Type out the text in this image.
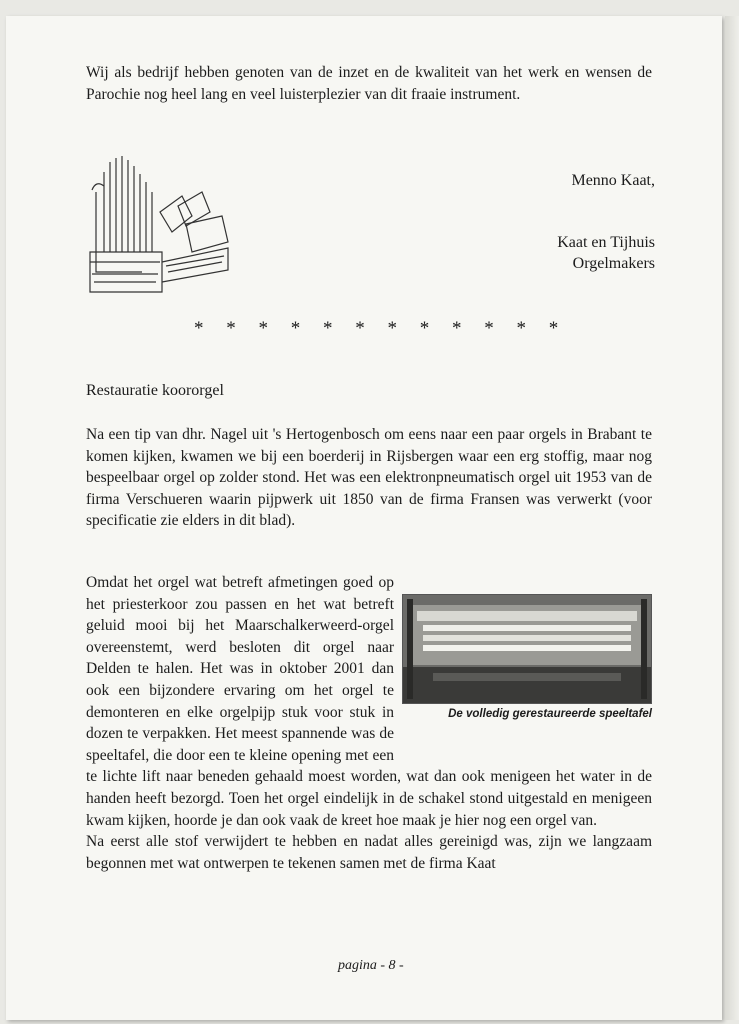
Wij als bedrijf hebben genoten van de inzet en de kwaliteit van het werk en wensen de Parochie nog heel lang en veel luisterplezier van dit fraaie instrument.
Menno Kaat,
Kaat en Tijhuis
Orgelmakers
* * * * * * * * * * * *
Restauratie koororgel
Na een tip van dhr. Nagel uit 's Hertogenbosch om eens naar een paar orgels in Brabant te komen kijken, kwamen we bij een boerderij in Rijsbergen waar een erg stoffig, maar nog bespeelbaar orgel op zolder stond. Het was een elektronpneumatisch orgel uit 1953 van de firma Verschueren waarin pijpwerk uit 1850 van de firma Fransen was verwerkt (voor specificatie zie elders in dit blad).
De volledig gerestaureerde speeltafel
Omdat het orgel wat betreft afmetingen goed op het priesterkoor zou passen en het wat betreft geluid mooi bij het Maarschalkerweerd-orgel overeenstemt, werd besloten dit orgel naar Delden te halen. Het was in oktober 2001 dan ook een bijzondere ervaring om het orgel te demonteren en elke orgelpijp stuk voor stuk in dozen te verpakken. Het meest spannende was de speeltafel, die door een te kleine opening met een te lichte lift naar beneden gehaald moest worden, wat dan ook menigeen het water in de handen heeft bezorgd. Toen het orgel eindelijk in de schakel stond uitgestald en menigeen kwam kijken, hoorde je dan ook vaak de kreet hoe maak je hier nog een orgel van.
Na eerst alle stof verwijdert te hebben en nadat alles gereinigd was, zijn we langzaam begonnen met wat ontwerpen te tekenen samen met de firma Kaat
pagina - 8 -
